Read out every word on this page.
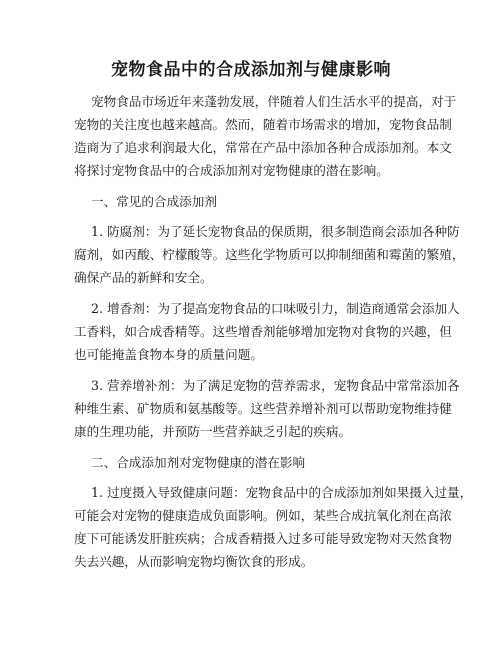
宠物食品中的合成添加剂与健康影响
宠物食品市场近年来蓬勃发展，伴随着人们生活水平的提高，对于
宠物的关注度也越来越高。然而，随着市场需求的增加，宠物食品制
造商为了追求利润最大化，常常在产品中添加各种合成添加剂。本文
将探讨宠物食品中的合成添加剂对宠物健康的潜在影响。
一、常见的合成添加剂
1. 防腐剂：为了延长宠物食品的保质期，很多制造商会添加各种防
腐剂，如丙酸、柠檬酸等。这些化学物质可以抑制细菌和霉菌的繁殖，
确保产品的新鲜和安全。
2. 增香剂：为了提高宠物食品的口味吸引力，制造商通常会添加人
工香料，如合成香精等。这些增香剂能够增加宠物对食物的兴趣，但
也可能掩盖食物本身的质量问题。
3. 营养增补剂：为了满足宠物的营养需求，宠物食品中常常添加各
种维生素、矿物质和氨基酸等。这些营养增补剂可以帮助宠物维持健
康的生理功能，并预防一些营养缺乏引起的疾病。
二、合成添加剂对宠物健康的潜在影响
1. 过度摄入导致健康问题：宠物食品中的合成添加剂如果摄入过量，
可能会对宠物的健康造成负面影响。例如，某些合成抗氧化剂在高浓
度下可能诱发肝脏疾病；合成香精摄入过多可能导致宠物对天然食物
失去兴趣，从而影响宠物均衡饮食的形成。
